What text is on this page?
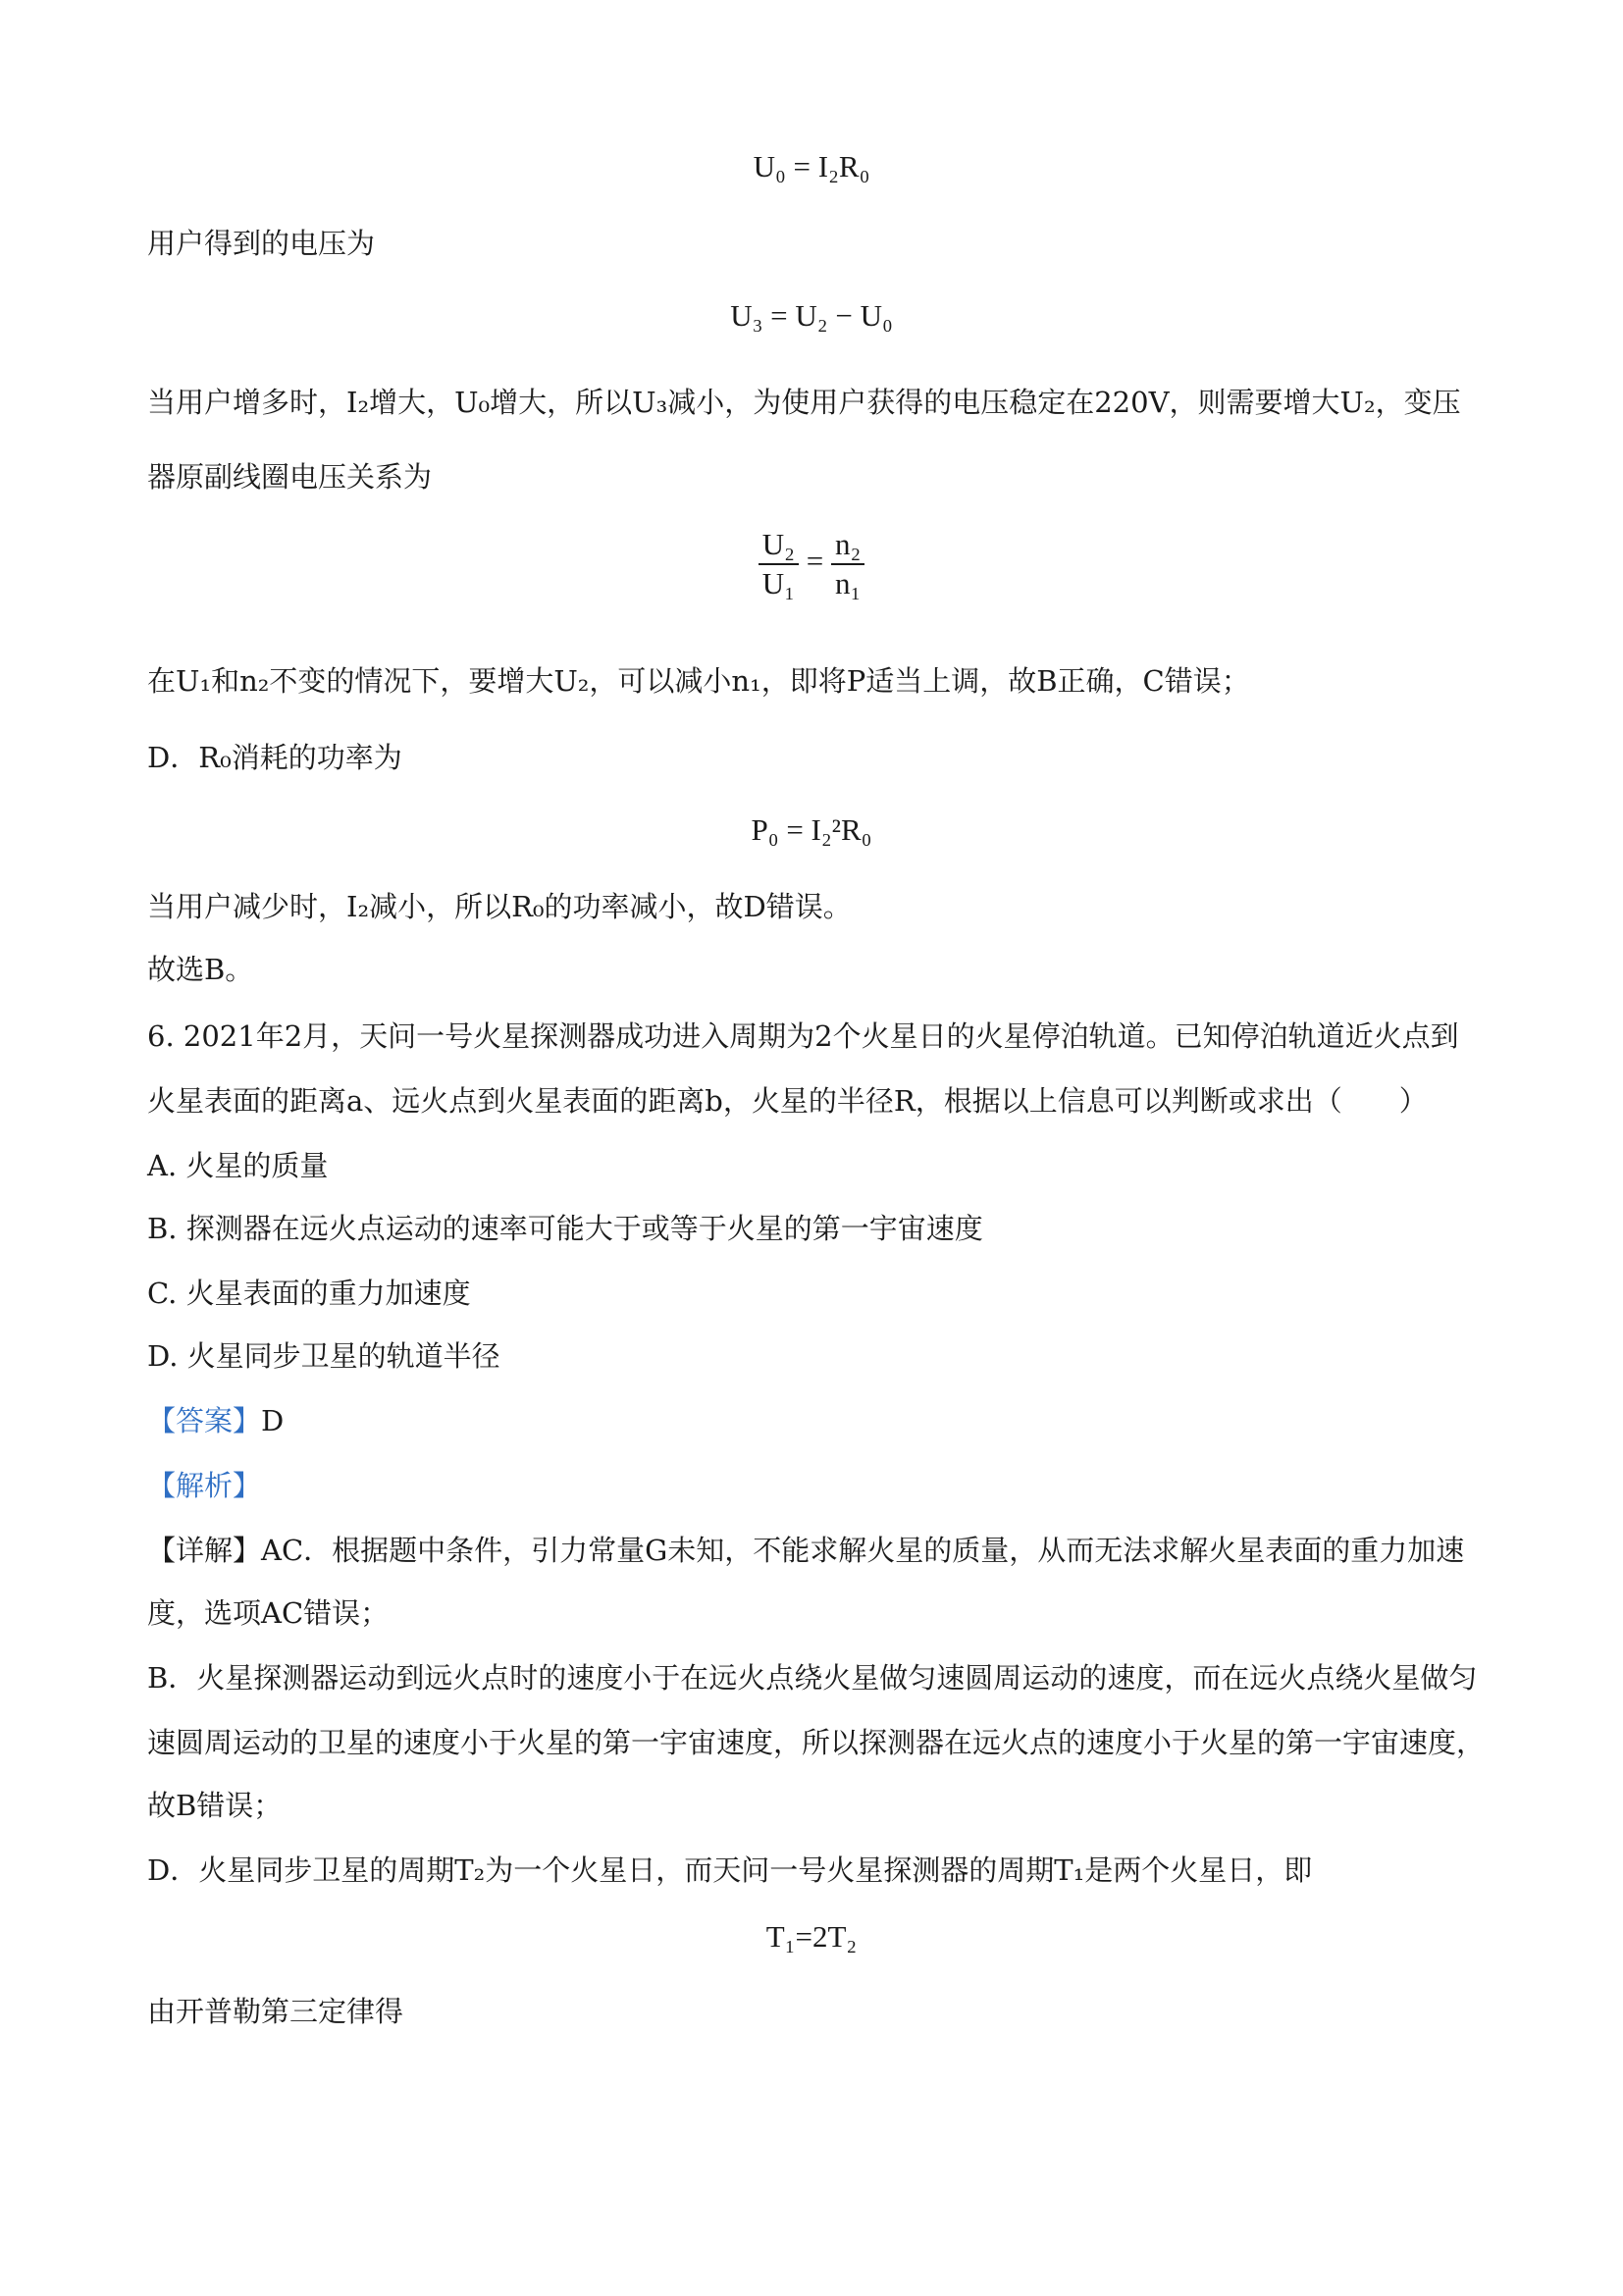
U₀ = I₂R₀
用户得到的电压为
U₃ = U₂ − U₀
当用户增多时，I₂增大，U₀增大，所以U₃减小，为使用户获得的电压稳定在220V，则需要增大U₂，变压
器原副线圈电压关系为
$\frac{\text{U₂}}{\text{U₁}} = \frac{\text{n₂}}{\text{n₁}}$
在U₁和n₂不变的情况下，要增大U₂，可以减小n₁，即将P适当上调，故B正确，C错误；
D．R₀消耗的功率为
P₀ = I₂²R₀
当用户减少时，I₂减小，所以R₀的功率减小，故D错误。
故选B。
6. 2021年2月，天问一号火星探测器成功进入周期为2个火星日的火星停泊轨道。已知停泊轨道近火点到
火星表面的距离a、远火点到火星表面的距离b，火星的半径R，根据以上信息可以判断或求出（　　）
A. 火星的质量
B. 探测器在远火点运动的速率可能大于或等于火星的第一宇宙速度
C. 火星表面的重力加速度
D. 火星同步卫星的轨道半径
【答案】D
【解析】
【详解】AC．根据题中条件，引力常量G未知，不能求解火星的质量，从而无法求解火星表面的重力加速
度，选项AC错误；
B．火星探测器运动到远火点时的速度小于在远火点绕火星做匀速圆周运动的速度，而在远火点绕火星做匀
速圆周运动的卫星的速度小于火星的第一宇宙速度，所以探测器在远火点的速度小于火星的第一宇宙速度，
故B错误；
D．火星同步卫星的周期T₂为一个火星日，而天问一号火星探测器的周期T₁是两个火星日，即
T₁=2T₂
由开普勒第三定律得
